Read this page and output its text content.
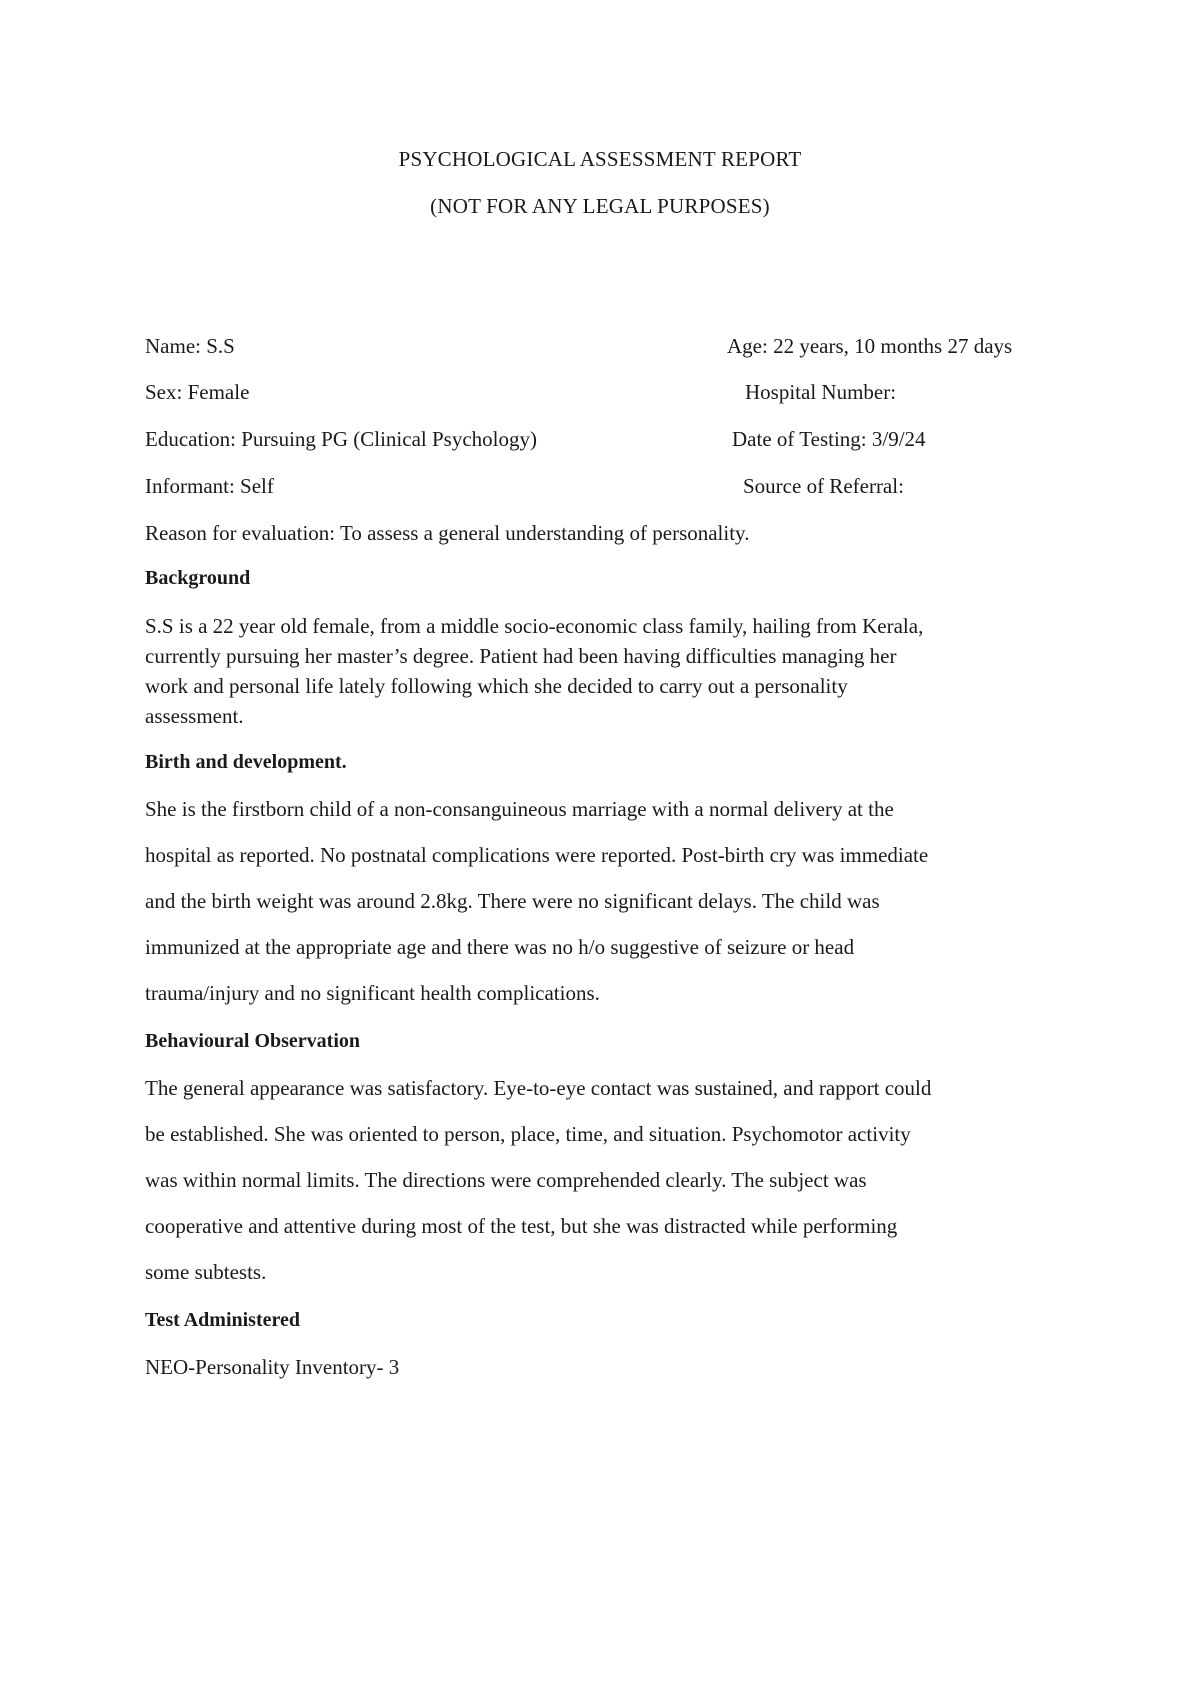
PSYCHOLOGICAL ASSESSMENT REPORT
(NOT FOR ANY LEGAL PURPOSES)
Name: S.S	Age: 22 years, 10 months 27 days
Sex: Female	Hospital Number:
Education: Pursuing PG (Clinical Psychology)	Date of Testing: 3/9/24
Informant: Self	Source of Referral:
Reason for evaluation: To assess a general understanding of personality.
Background

S.S is a 22 year old female, from a middle socio-economic class family, hailing from Kerala,

currently pursuing her master’s degree. Patient had been having difficulties managing her

work and personal life lately following which she decided to carry out a personality

assessment.

Birth and development.

She is the firstborn child of a non-consanguineous marriage with a normal delivery at the

hospital as reported. No postnatal complications were reported. Post-birth cry was immediate

and the birth weight was around 2.8kg. There were no significant delays. The child was

immunized at the appropriate age and there was no h/o suggestive of seizure or head

trauma/injury and no significant health complications.

Behavioural Observation

The general appearance was satisfactory. Eye-to-eye contact was sustained, and rapport could

be established. She was oriented to person, place, time, and situation. Psychomotor activity

was within normal limits. The directions were comprehended clearly. The subject was

cooperative and attentive during most of the test, but she was distracted while performing

some subtests.

Test Administered
NEO-Personality Inventory- 3
